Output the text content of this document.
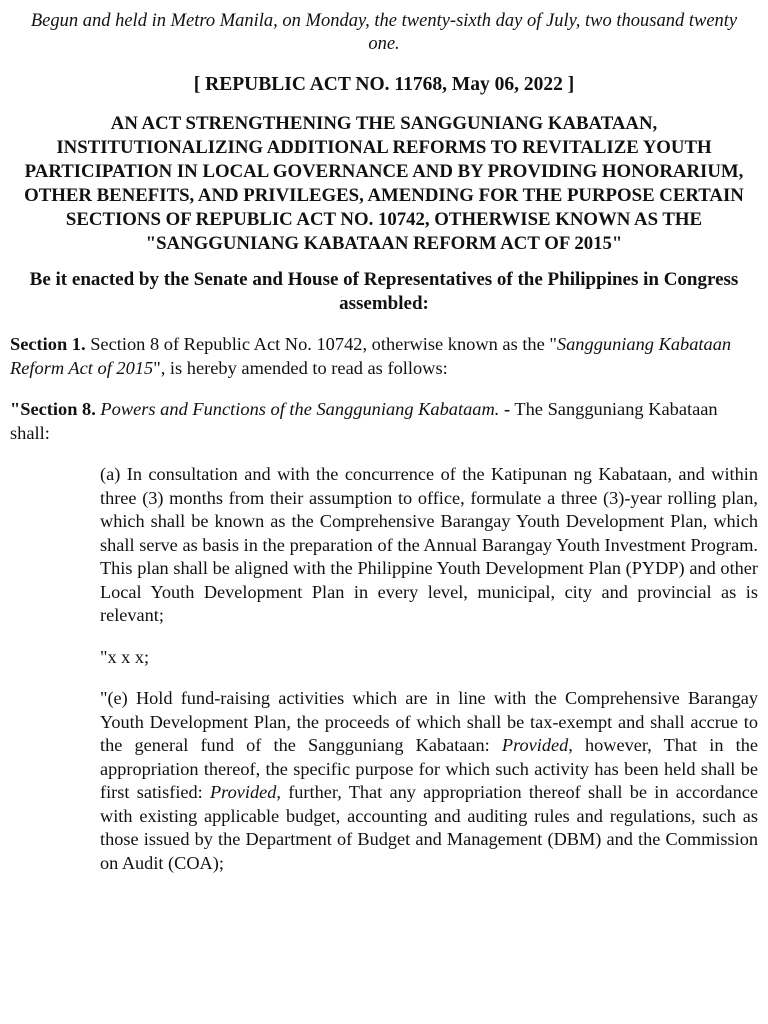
Begun and held in Metro Manila, on Monday, the twenty-sixth day of July, two thousand twenty one.

[ REPUBLIC ACT NO. 11768, May 06, 2022 ]

AN ACT STRENGTHENING THE SANGGUNIANG KABATAAN, INSTITUTIONALIZING ADDITIONAL REFORMS TO REVITALIZE YOUTH PARTICIPATION IN LOCAL GOVERNANCE AND BY PROVIDING HONORARIUM, OTHER BENEFITS, AND PRIVILEGES, AMENDING FOR THE PURPOSE CERTAIN SECTIONS OF REPUBLIC ACT NO. 10742, OTHERWISE KNOWN AS THE "SANGGUNIANG KABATAAN REFORM ACT OF 2015"

Be it enacted by the Senate and House of Representatives of the Philippines in Congress assembled:

Section 1. Section 8 of Republic Act No. 10742, otherwise known as the "Sangguniang Kabataan Reform Act of 2015", is hereby amended to read as follows:

"Section 8. Powers and Functions of the Sangguniang Kabataam. - The Sangguniang Kabataan shall:

(a) In consultation and with the concurrence of the Katipunan ng Kabataan, and within three (3) months from their assumption to office, formulate a three (3)-year rolling plan, which shall be known as the Comprehensive Barangay Youth Development Plan, which shall serve as basis in the preparation of the Annual Barangay Youth Investment Program. This plan shall be aligned with the Philippine Youth Development Plan (PYDP) and other Local Youth Development Plan in every level, municipal, city and provincial as is relevant;

"x x x;

"(e) Hold fund-raising activities which are in line with the Comprehensive Barangay Youth Development Plan, the proceeds of which shall be tax-exempt and shall accrue to the general fund of the Sangguniang Kabataan: Provided, however, That in the appropriation thereof, the specific purpose for which such activity has been held shall be first satisfied: Provided, further, That any appropriation thereof shall be in accordance with existing applicable budget, accounting and auditing rules and regulations, such as those issued by the Department of Budget and Management (DBM) and the Commission on Audit (COA);
